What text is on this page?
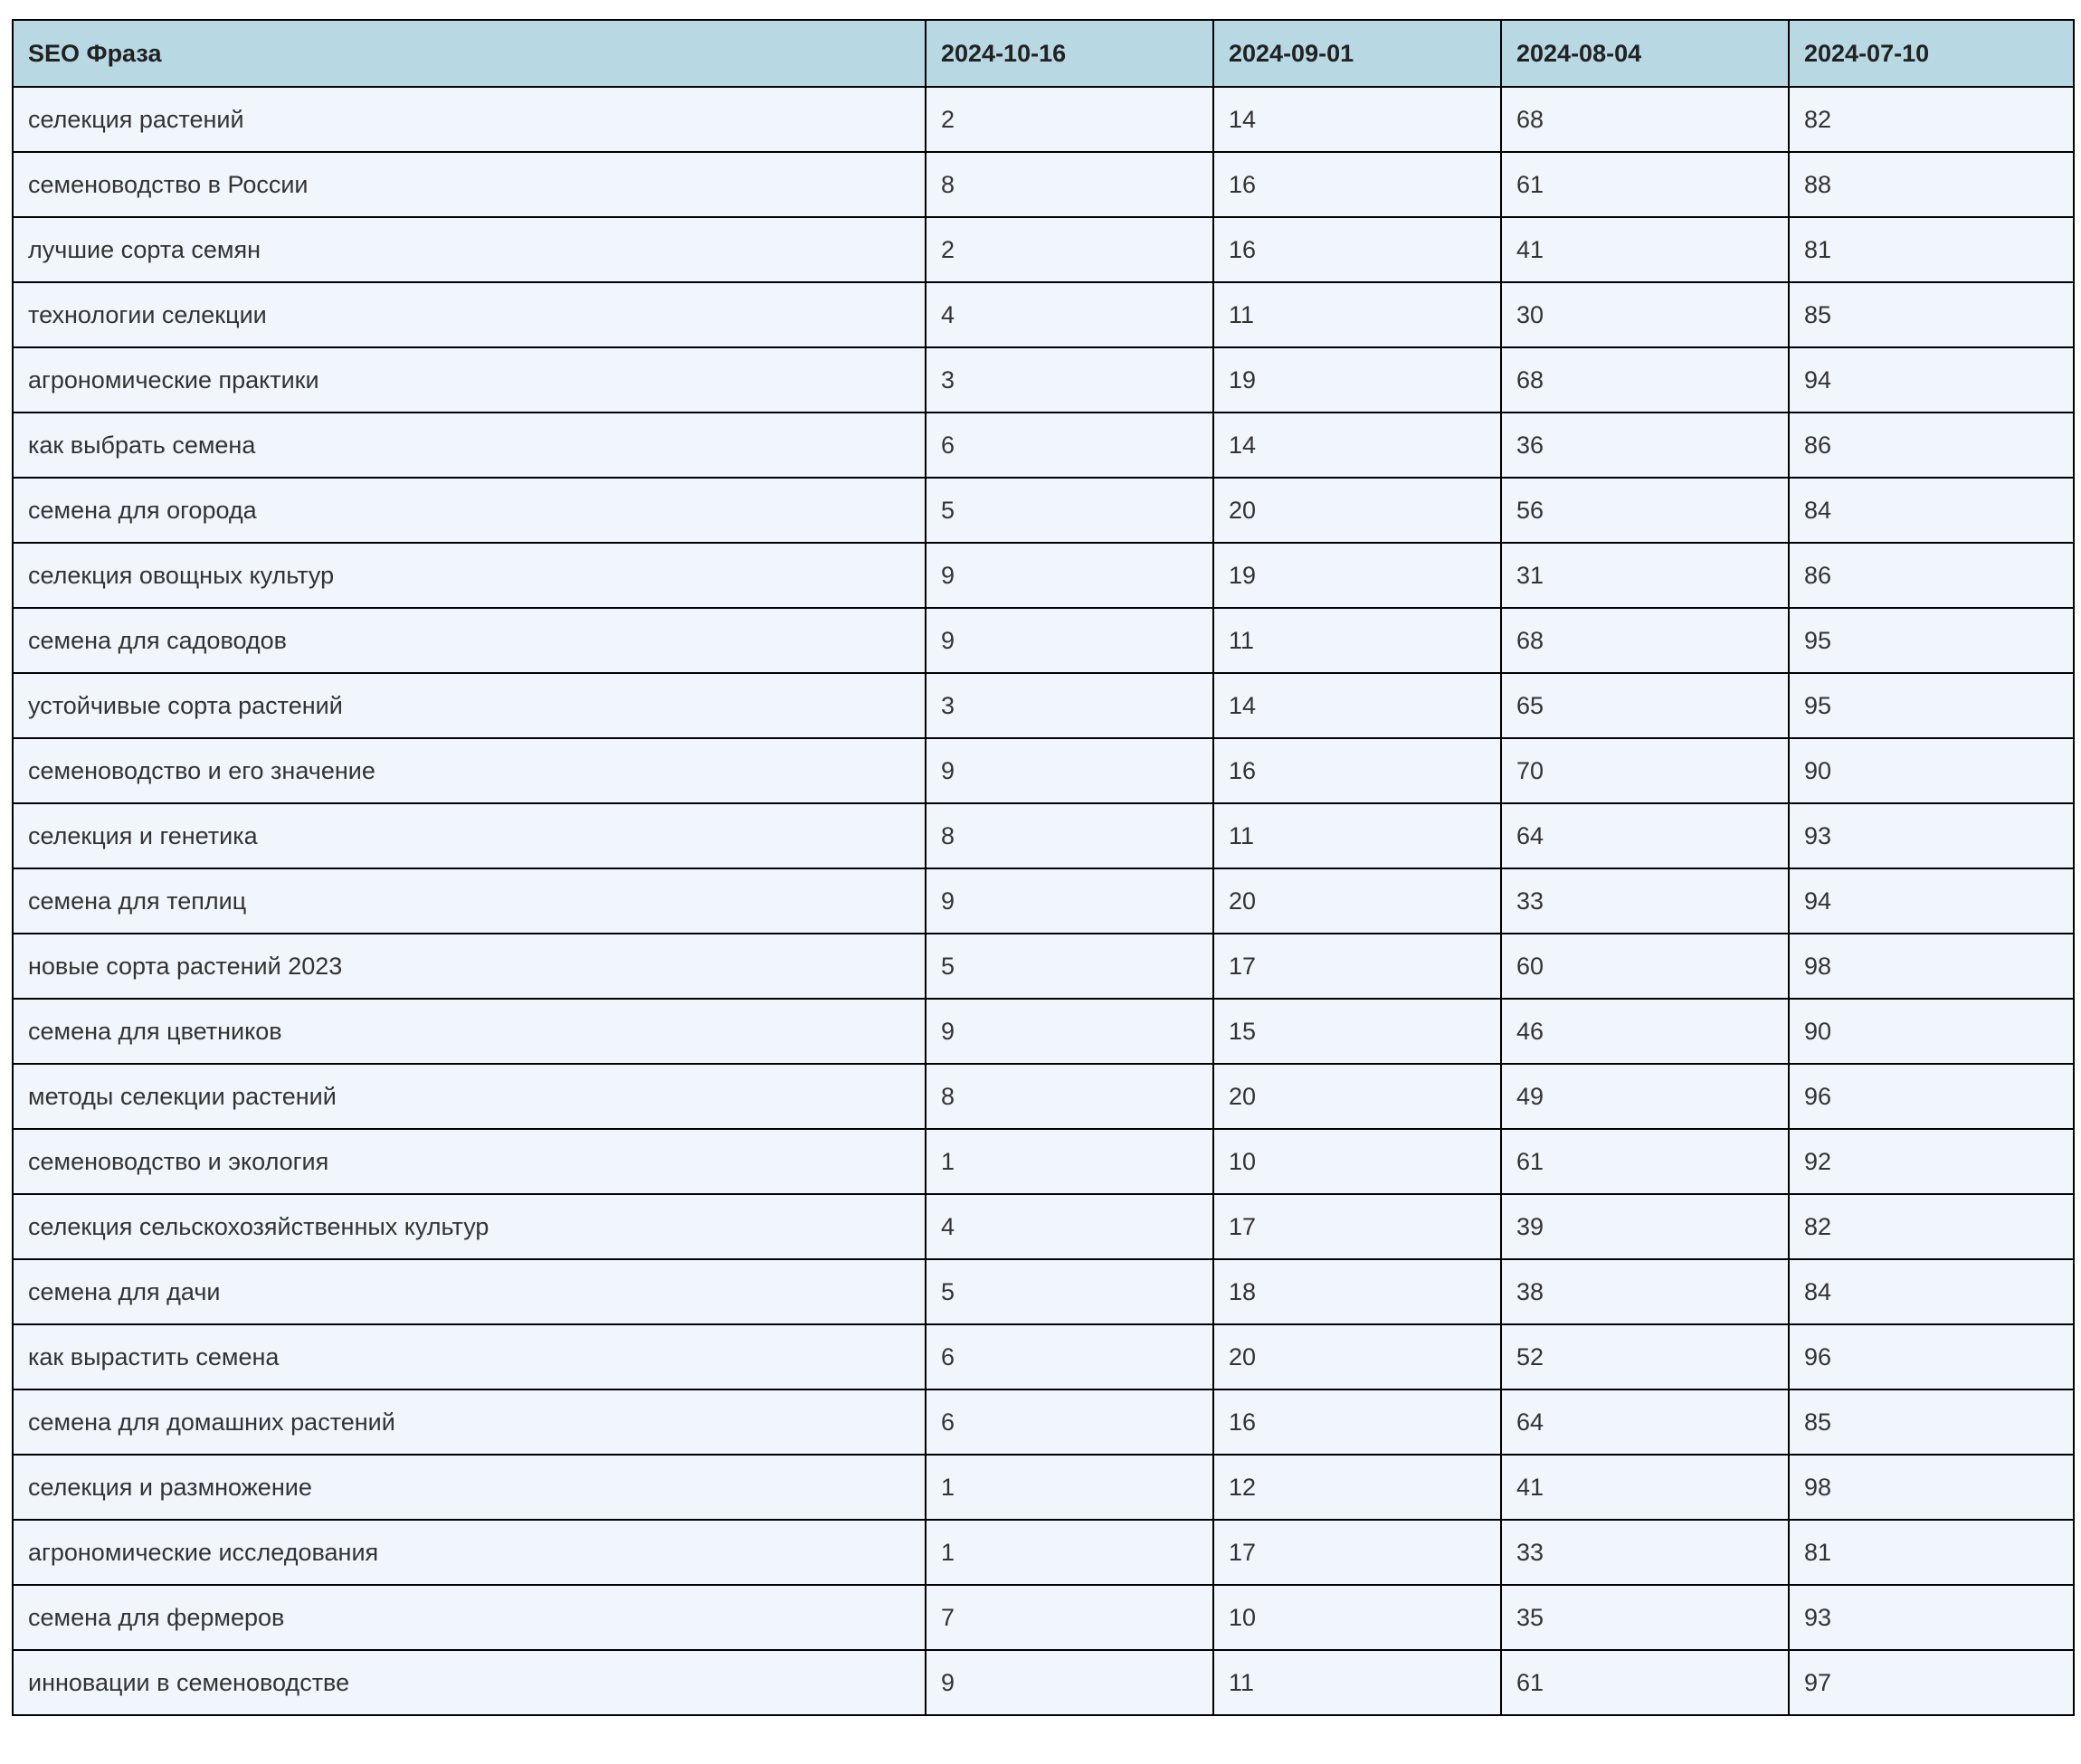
SEO Фраза	2024-10-16	2024-09-01	2024-08-04	2024-07-10
селекция растений	2	14	68	82
семеноводство в России	8	16	61	88
лучшие сорта семян	2	16	41	81
технологии селекции	4	11	30	85
агрономические практики	3	19	68	94
как выбрать семена	6	14	36	86
семена для огорода	5	20	56	84
селекция овощных культур	9	19	31	86
семена для садоводов	9	11	68	95
устойчивые сорта растений	3	14	65	95
семеноводство и его значение	9	16	70	90
селекция и генетика	8	11	64	93
семена для теплиц	9	20	33	94
новые сорта растений 2023	5	17	60	98
семена для цветников	9	15	46	90
методы селекции растений	8	20	49	96
семеноводство и экология	1	10	61	92
селекция сельскохозяйственных культур	4	17	39	82
семена для дачи	5	18	38	84
как вырастить семена	6	20	52	96
семена для домашних растений	6	16	64	85
селекция и размножение	1	12	41	98
агрономические исследования	1	17	33	81
семена для фермеров	7	10	35	93
инновации в семеноводстве	9	11	61	97
